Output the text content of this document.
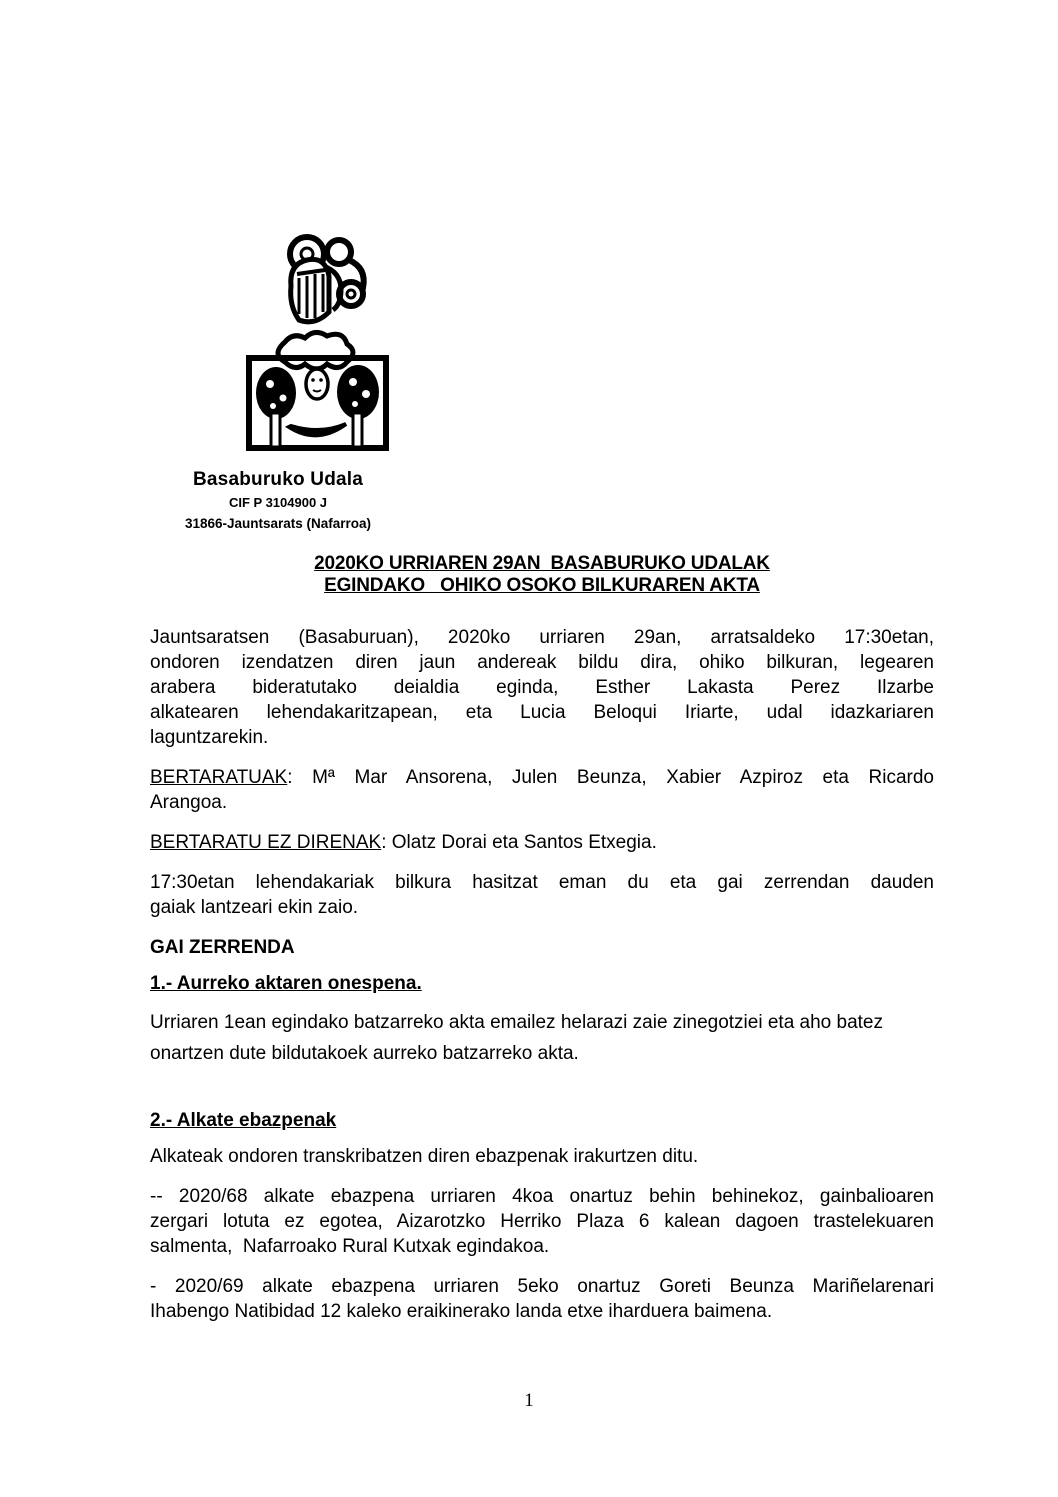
Basaburuko Udala
CIF P 3104900 J
31866-Jauntsarats (Nafarroa)
2020KO URRIAREN 29AN  BASABURUKO UDALAK
EGINDAKO   OHIKO OSOKO BILKURAREN AKTA
Jauntsaratsen (Basaburuan), 2020ko urriaren 29an, arratsaldeko 17:30etan,
ondoren izendatzen diren jaun andereak bildu dira, ohiko bilkuran, legearen
arabera bideratutako deialdia eginda, Esther Lakasta Perez Ilzarbe
alkatearen lehendakaritzapean, eta Lucia Beloqui Iriarte, udal idazkariaren
laguntzarekin.
BERTARATUAK: Mª Mar Ansorena, Julen Beunza, Xabier Azpiroz eta Ricardo
Arangoa.
BERTARATU EZ DIRENAK: Olatz Dorai eta Santos Etxegia.
17:30etan lehendakariak bilkura hasitzat eman du eta gai zerrendan dauden
gaiak lantzeari ekin zaio.
GAI ZERRENDA
1.- Aurreko aktaren onespena.
Urriaren 1ean egindako batzarreko akta emailez helarazi zaie zinegotziei eta aho batez
onartzen dute bildutakoek aurreko batzarreko akta.
2.- Alkate ebazpenak
Alkateak ondoren transkribatzen diren ebazpenak irakurtzen ditu.
-- 2020/68 alkate ebazpena urriaren 4koa onartuz behin behinekoz, gainbalioaren
zergari lotuta ez egotea, Aizarotzko Herriko Plaza 6 kalean dagoen trastelekuaren
salmenta,  Nafarroako Rural Kutxak egindakoa.
- 2020/69 alkate ebazpena urriaren 5eko onartuz Goreti Beunza Mariñelarenari
Ihabengo Natibidad 12 kaleko eraikinerako landa etxe iharduera baimena.
1
